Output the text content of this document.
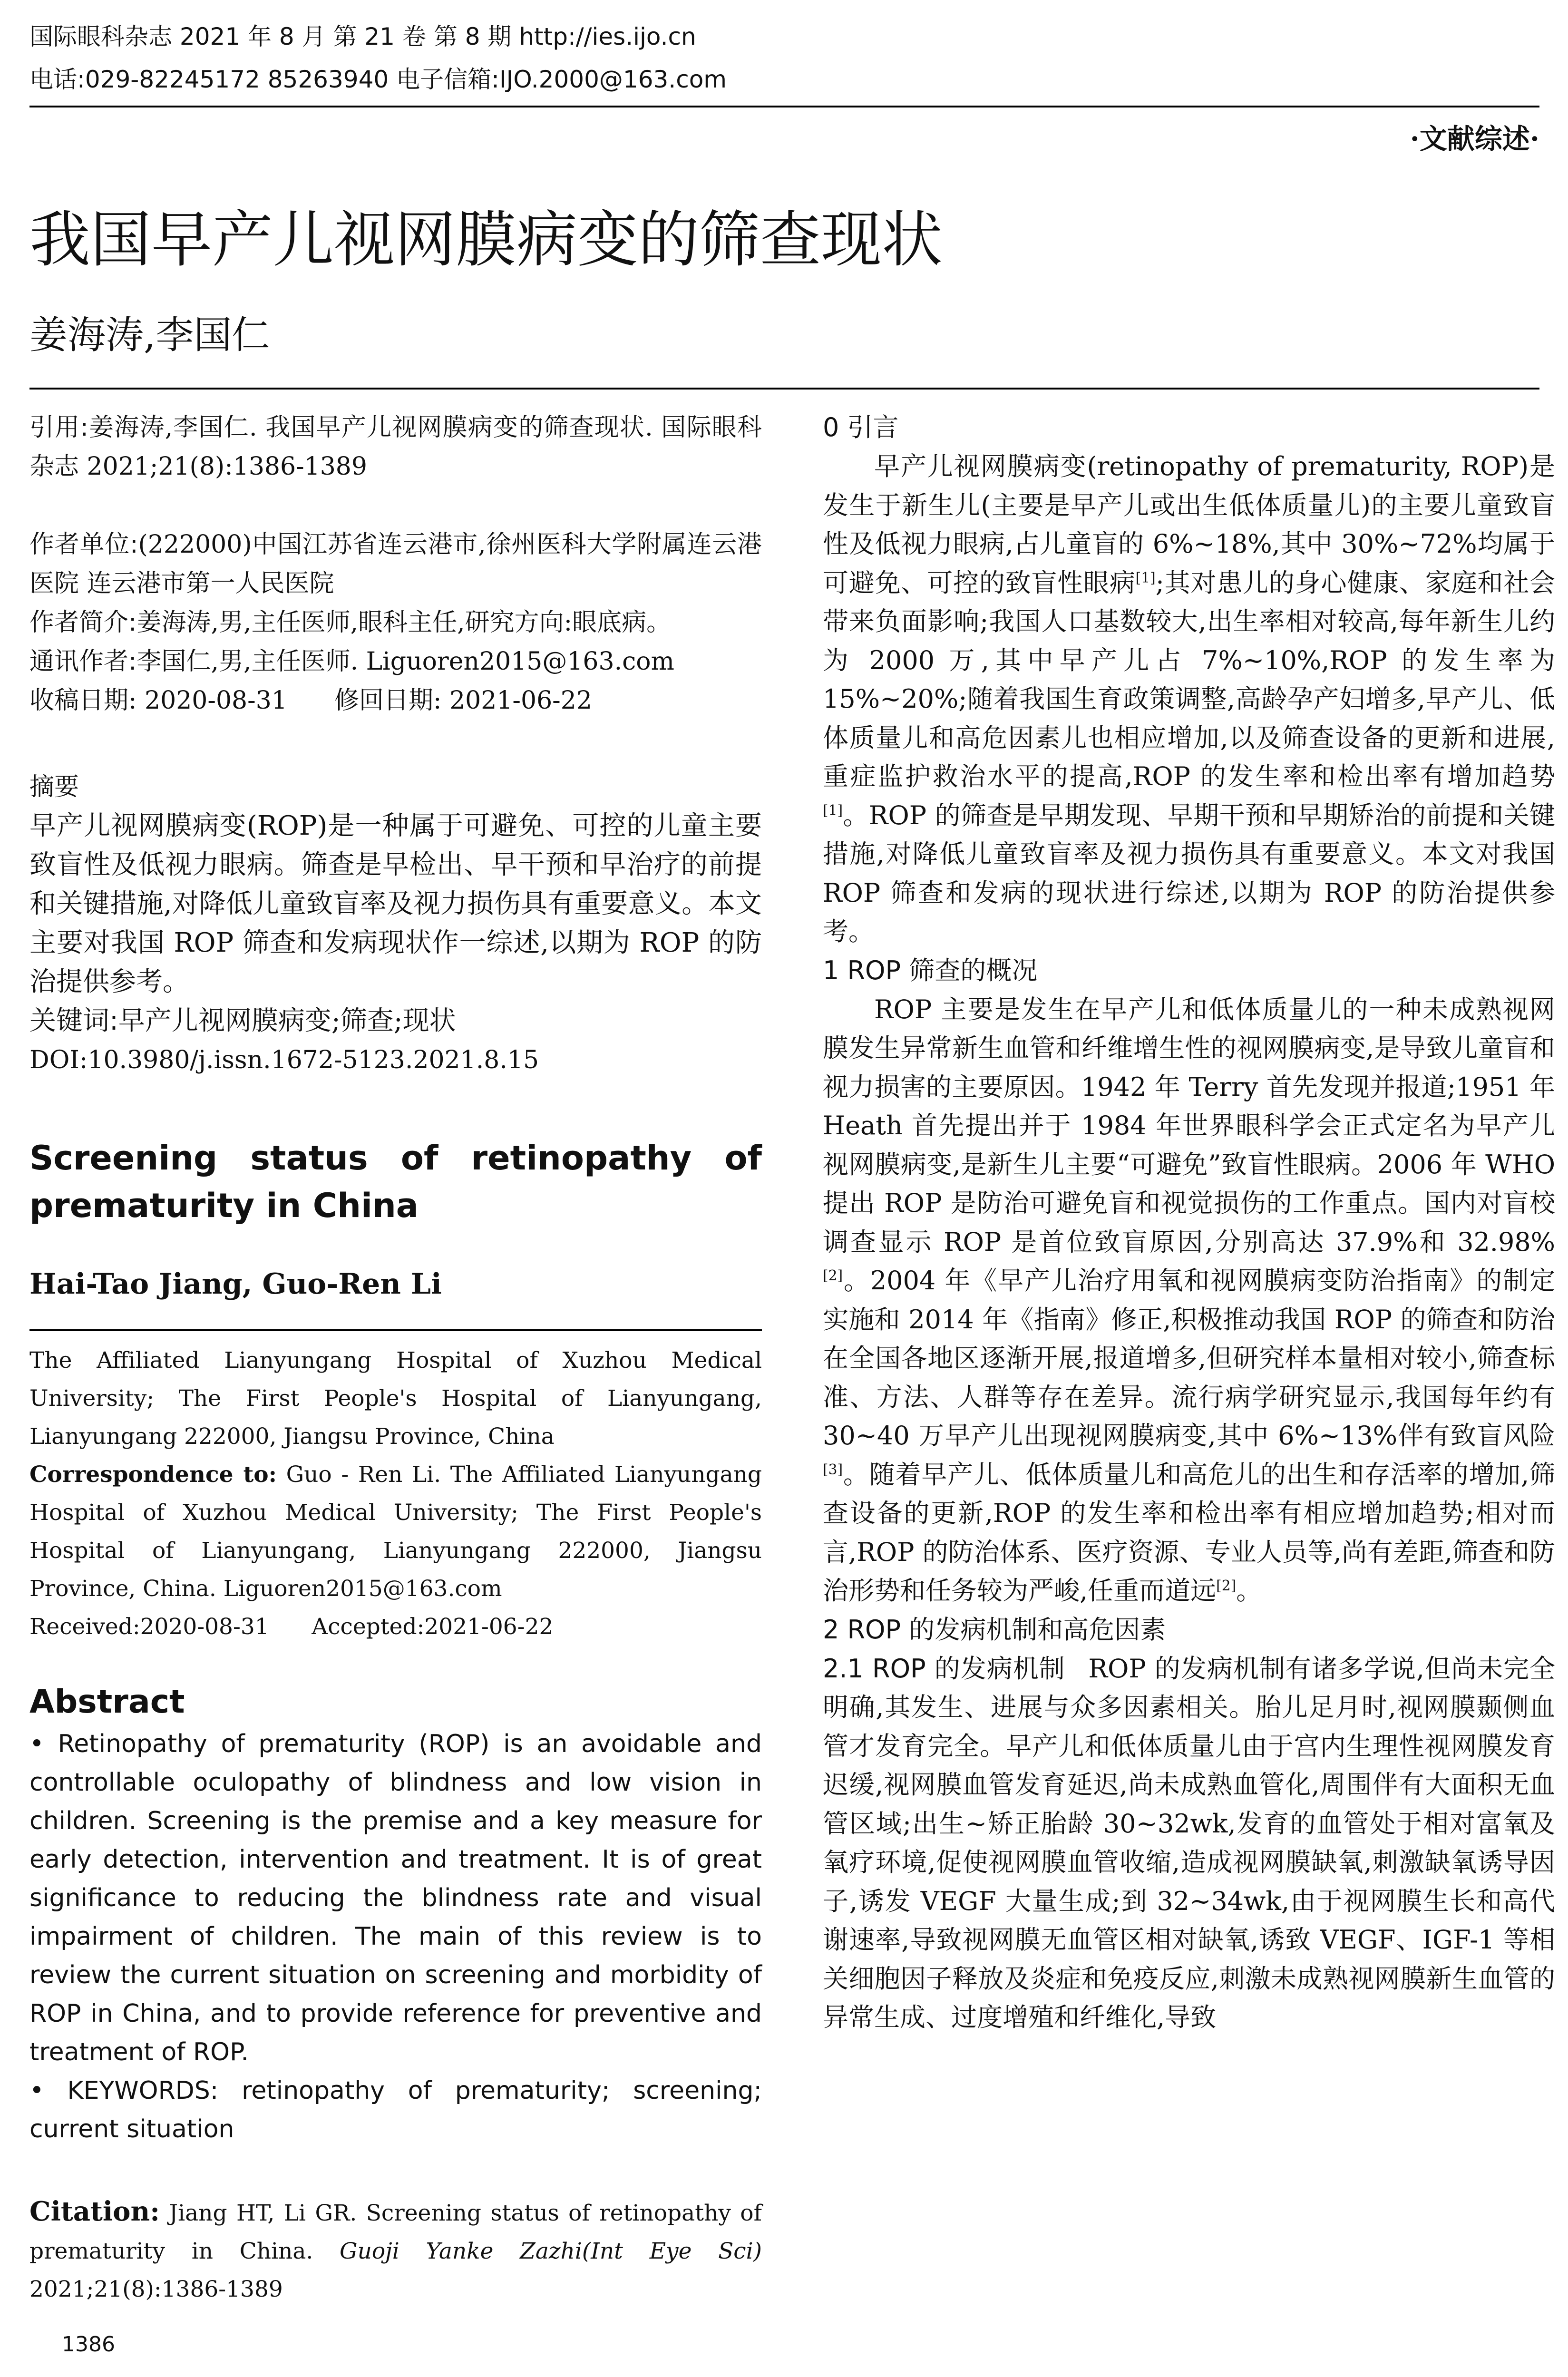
国际眼科杂志 2021 年 8 月 第 21 卷 第 8 期 http://ies.ijo.cn
电话:029-82245172 85263940 电子信箱:IJO.2000@163.com
·文献综述·
我国早产儿视网膜病变的筛查现状
姜海涛,李国仁
引用:姜海涛,李国仁. 我国早产儿视网膜病变的筛查现状. 国际眼科杂志 2021;21(8):1386-1389
作者单位:(222000)中国江苏省连云港市,徐州医科大学附属连云港医院 连云港市第一人民医院
作者简介:姜海涛,男,主任医师,眼科主任,研究方向:眼底病。
通讯作者:李国仁,男,主任医师. Liguoren2015@163.com
收稿日期: 2020-08-31      修回日期: 2021-06-22
摘要
早产儿视网膜病变(ROP)是一种属于可避免、可控的儿童主要致盲性及低视力眼病。筛查是早检出、早干预和早治疗的前提和关键措施,对降低儿童致盲率及视力损伤具有重要意义。本文主要对我国 ROP 筛查和发病现状作一综述,以期为 ROP 的防治提供参考。
关键词:早产儿视网膜病变;筛查;现状
DOI:10.3980/j.issn.1672-5123.2021.8.15
Screening status of retinopathy of prematurity in China
Hai-Tao Jiang, Guo-Ren Li
The Affiliated Lianyungang Hospital of Xuzhou Medical University; The First People's Hospital of Lianyungang, Lianyungang 222000, Jiangsu Province, China
Correspondence to: Guo - Ren Li. The Affiliated Lianyungang Hospital of Xuzhou Medical University; The First People's Hospital of Lianyungang, Lianyungang 222000, Jiangsu Province, China. Liguoren2015@163.com
Received:2020-08-31      Accepted:2021-06-22
Abstract
• Retinopathy of prematurity (ROP) is an avoidable and controllable oculopathy of blindness and low vision in children. Screening is the premise and a key measure for early detection, intervention and treatment. It is of great significance to reducing the blindness rate and visual impairment of children. The main of this review is to review the current situation on screening and morbidity of ROP in China, and to provide reference for preventive and treatment of ROP.
• KEYWORDS: retinopathy of prematurity; screening; current situation
Citation: Jiang HT, Li GR. Screening status of retinopathy of prematurity in China. Guoji Yanke Zazhi(Int Eye Sci) 2021;21(8):1386-1389
1386
0 引言
早产儿视网膜病变(retinopathy of prematurity, ROP)是发生于新生儿(主要是早产儿或出生低体质量儿)的主要儿童致盲性及低视力眼病,占儿童盲的 6%~18%,其中 30%~72%均属于可避免、可控的致盲性眼病[1];其对患儿的身心健康、家庭和社会带来负面影响;我国人口基数较大,出生率相对较高,每年新生儿约为 2000 万,其中早产儿占 7%~10%,ROP 的发生率为 15%~20%;随着我国生育政策调整,高龄孕产妇增多,早产儿、低体质量儿和高危因素儿也相应增加,以及筛查设备的更新和进展,重症监护救治水平的提高,ROP 的发生率和检出率有增加趋势[1]。ROP 的筛查是早期发现、早期干预和早期矫治的前提和关键措施,对降低儿童致盲率及视力损伤具有重要意义。本文对我国 ROP 筛查和发病的现状进行综述,以期为 ROP 的防治提供参考。
1 ROP 筛查的概况
ROP 主要是发生在早产儿和低体质量儿的一种未成熟视网膜发生异常新生血管和纤维增生性的视网膜病变,是导致儿童盲和视力损害的主要原因。1942 年 Terry 首先发现并报道;1951 年 Heath 首先提出并于 1984 年世界眼科学会正式定名为早产儿视网膜病变,是新生儿主要“可避免”致盲性眼病。2006 年 WHO 提出 ROP 是防治可避免盲和视觉损伤的工作重点。国内对盲校调查显示 ROP 是首位致盲原因,分别高达 37.9%和 32.98%[2]。2004 年《早产儿治疗用氧和视网膜病变防治指南》的制定实施和 2014 年《指南》修正,积极推动我国 ROP 的筛查和防治在全国各地区逐渐开展,报道增多,但研究样本量相对较小,筛查标准、方法、人群等存在差异。流行病学研究显示,我国每年约有 30~40 万早产儿出现视网膜病变,其中 6%~13%伴有致盲风险[3]。随着早产儿、低体质量儿和高危儿的出生和存活率的增加,筛查设备的更新,ROP 的发生率和检出率有相应增加趋势;相对而言,ROP 的防治体系、医疗资源、专业人员等,尚有差距,筛查和防治形势和任务较为严峻,任重而道远[2]。
2 ROP 的发病机制和高危因素
2.1 ROP 的发病机制 ROP 的发病机制有诸多学说,但尚未完全明确,其发生、进展与众多因素相关。胎儿足月时,视网膜颞侧血管才发育完全。早产儿和低体质量儿由于宫内生理性视网膜发育迟缓,视网膜血管发育延迟,尚未成熟血管化,周围伴有大面积无血管区域;出生~矫正胎龄 30~32wk,发育的血管处于相对富氧及氧疗环境,促使视网膜血管收缩,造成视网膜缺氧,刺激缺氧诱导因子,诱发 VEGF 大量生成;到 32~34wk,由于视网膜生长和高代谢速率,导致视网膜无血管区相对缺氧,诱致 VEGF、IGF-1 等相关细胞因子释放及炎症和免疫反应,刺激未成熟视网膜新生血管的异常生成、过度增殖和纤维化,导致
